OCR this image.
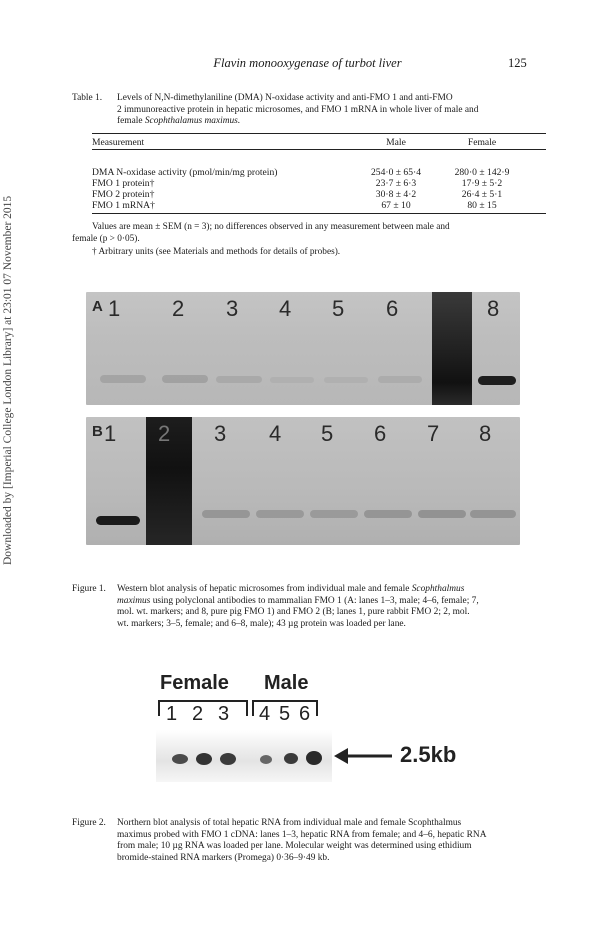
Flavin monooxygenase of turbot liver	125
Downloaded by [Imperial College London Library] at 23:01 07 November 2015
Table 1. Levels of N,N-dimethylaniline (DMA) N-oxidase activity and anti-FMO 1 and anti-FMO
2 immunoreactive protein in hepatic microsomes, and FMO 1 mRNA in whole liver of male and
female Scophthalamus maximus.
Measurement	Male	Female
DMA N-oxidase activity (pmol/min/mg protein)	254·0 ± 65·4	280·0 ± 142·9
FMO 1 protein†	23·7 ± 6·3	17·9 ± 5·2
FMO 2 protein†	30·8 ± 4·2	26·4 ± 5·1
FMO 1 mRNA†	67 ± 10	80 ± 15
Values are mean ± SEM (n = 3); no differences observed in any measurement between male and
female (p > 0·05).
† Arbitrary units (see Materials and methods for details of probes).
A 1 2 3 4 5 6	8
B 1 2 3 4 5 6 7 8
Figure 1. Western blot analysis of hepatic microsomes from individual male and female Scophthalmus
maximus using polyclonal antibodies to mammalian FMO 1 (A: lanes 1–3, male; 4–6, female; 7,
mol. wt. markers; and 8, pure pig FMO 1) and FMO 2 (B; lanes 1, pure rabbit FMO 2; 2, mol.
wt. markers; 3–5, female; and 6–8, male); 43 µg protein was loaded per lane.
Female Male
1 2 3 4 5 6
2.5kb
Figure 2. Northern blot analysis of total hepatic RNA from individual male and female Scophthalmus
maximus probed with FMO 1 cDNA: lanes 1–3, hepatic RNA from female; and 4–6, hepatic RNA
from male; 10 µg RNA was loaded per lane. Molecular weight was determined using ethidium
bromide-stained RNA markers (Promega) 0·36–9·49 kb.
